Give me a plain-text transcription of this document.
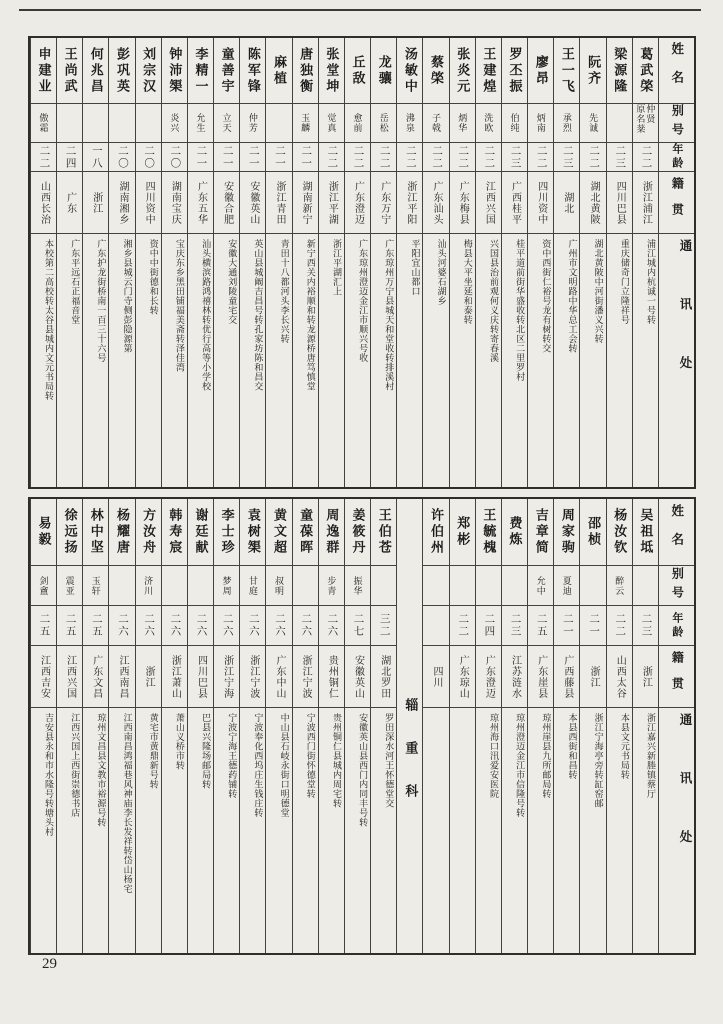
姓名
别号
年龄
籍贯
通讯处
葛武棨
仲贤 原名棻
二二
浙江浦江
浦江城内杭诚一号转
梁源隆
二三
四川巴县
重庆储奇门立隆祥号
阮齐
先诚
二二
湖北黄陂
湖北黄陂中河街潘义兴转
王一飞
承烈
二三
湖北
广州市文明路中华总工会转
廖昂
炳南
二二
四川资中
资中西街仁裕号龙有树转交
罗丕振
伯纯
二三
广西桂平
桂平道前街华盛收转北区二里罗村
王建煌
洗欧
二二
江西兴国
兴国县治前观何义庆转寄春溪
张炎元
炳华
二二
广东梅县
梅县大平坐延和泰转
蔡棨
子戟
二二
广东汕头
汕头河婆石湖乡
汤敏中
沸泉
二二
浙江平阳
平阳宜山都口
龙骧
岳松
二二
广东万宁
广东琼州万宁县城天和堂收转排溪村
丘敌
愈前
二二
广东澄迈
广东琼州澄迈金江市顺兴号收
张堂坤
觉真
二二
浙江平湖
浙江平湖汇上
唐独衡
玉麟
二一
湖南新宁
新宁西关内裕顺和转龙源桥唐笃慎堂
麻植
二一
浙江青田
青田十八都河头李长兴转
陈军锋
仲芳
二一
安徽英山
英山县城阚吉昌号转孔家坊陈和昌交
童善宇
立天
二一
安徽合肥
安徽大通刘陵童宅交
李精一
允生
二一
广东五华
汕头横滨路鸿禧林转优行高等小学校
钟沛榘
炎兴
二〇
湖南宝庆
宝庆东乡黑田铺福美斋转泽佳湾
刘宗汉
二〇
四川资中
资中中街德和长转
彭巩英
二〇
湖南湘乡
湘乡县城云门寺侧彭隐源第
何兆昌
一八
浙江
广东护龙街桥南一百三十六号
王尚武
二四
广东
广东平远石正福音堂
申建业
傲霜
二二
山西长治
本校第二高校转太谷县城内文元书局转
姓名
别号
年龄
籍贯
通讯处
吴祖坻
二三
浙江
浙江嘉兴新塍镇蔡厅
杨汝钦
醉云
二二
山西太谷
本县文元书局转
邵桢
二一
浙江
浙江宁海亭旁转缸窑邮
周家驹
夏迪
二一
广西藤县
本县西街和昌转
吉章简
允中
二五
广东崖县
琼州崖县九所邮局转
费炼
二三
江苏涟水
琼州澄迈金江市信隆号转
王毓槐
二四
广东澄迈
琼州海口汛爱安医院
郑彬
二二
广东琼山
许伯州
四川
辎重科
王伯苍
三二
湖北罗田
罗田深水河王怀德堂交
姜筱丹
振华
二七
安徽英山
安徽英山县西门内同丰号转
周逸群
步青
二六
贵州铜仁
贵州铜仁县城内周宅转
童葆晖
二六
浙江宁波
宁波西门街怀德堂转
黄文超
叔明
二六
广东中山
中山县石岐永街口明德堂
袁树榘
甘庭
二六
浙江宁波
宁波奉化西坞庄生钱庄转
李士珍
梦周
二六
浙江宁海
宁波宁海王德药铺转
谢廷献
二六
四川巴县
巴县兴隆场邮局转
韩寿宸
二六
浙江萧山
萧山义桥市转
方汝舟
济川
二六
浙江
黄宅市黄鼎新号转
杨耀唐
二六
江西南昌
江西南昌鸿福巷风神庙李长发祥转岱山杨宅
林中坚
玉轩
二五
广东文昌
琼州文昌县文教市裕源号转
徐远扬
震亚
二五
江西兴国
江西兴国上西街崇德书店
易毅
剑盦
二五
江西吉安
吉安县永和市水隆号转塘头村
29
